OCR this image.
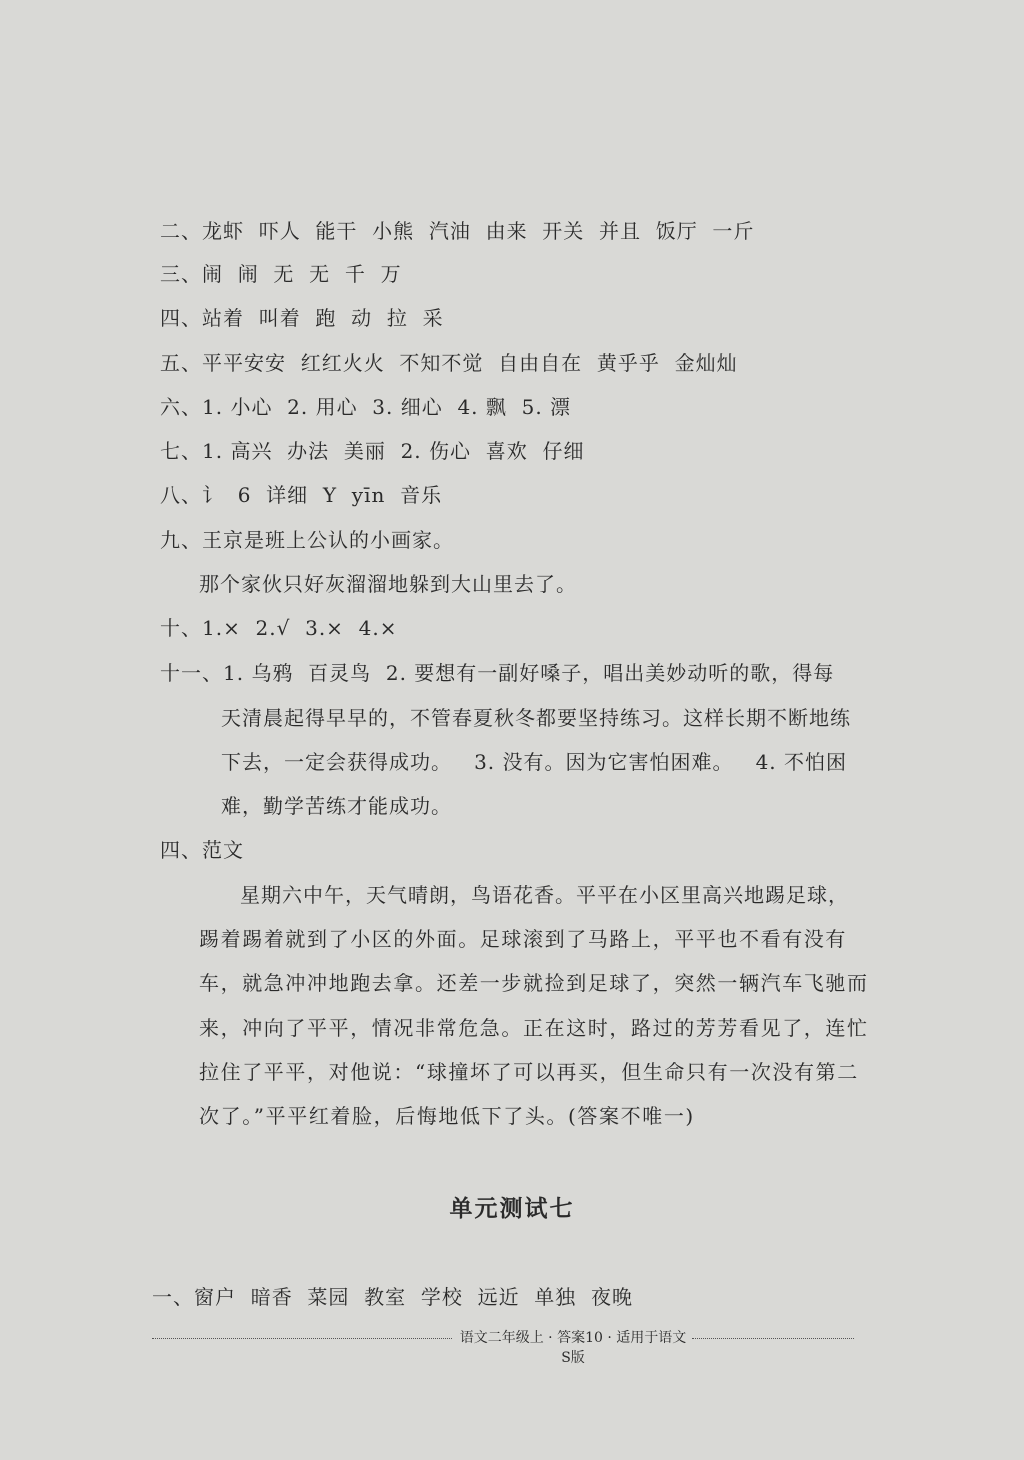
二、龙虾  吓人  能干  小熊  汽油  由来  开关  并且  饭厅  一斤
三、闹  闹  无  无  千  万
四、站着  叫着  跑  动  拉  采
五、平平安安  红红火火  不知不觉  自由自在  黄乎乎  金灿灿
六、1. 小心  2. 用心  3. 细心  4. 飘  5. 漂
七、1. 高兴  办法  美丽  2. 伤心  喜欢  仔细
八、讠  6  详细  Y  yīn  音乐
九、王京是班上公认的小画家。
那个家伙只好灰溜溜地躲到大山里去了。
十、1.×  2.√  3.×  4.×
十一、1. 乌鸦  百灵鸟  2. 要想有一副好嗓子，唱出美妙动听的歌，得每
天清晨起得早早的，不管春夏秋冬都要坚持练习。这样长期不断地练
下去，一定会获得成功。   3. 没有。因为它害怕困难。   4. 不怕困
难，勤学苦练才能成功。
四、范文
星期六中午，天气晴朗，鸟语花香。平平在小区里高兴地踢足球，
踢着踢着就到了小区的外面。足球滚到了马路上，平平也不看有没有
车，就急冲冲地跑去拿。还差一步就捡到足球了，突然一辆汽车飞驰而
来，冲向了平平，情况非常危急。正在这时，路过的芳芳看见了，连忙
拉住了平平，对他说：“球撞坏了可以再买，但生命只有一次没有第二
次了。”平平红着脸，后悔地低下了头。(答案不唯一)
单元测试七
一、窗户  暗香  菜园  教室  学校  远近  单独  夜晚
语文二年级上 · 答案10 · 适用于语文S版
